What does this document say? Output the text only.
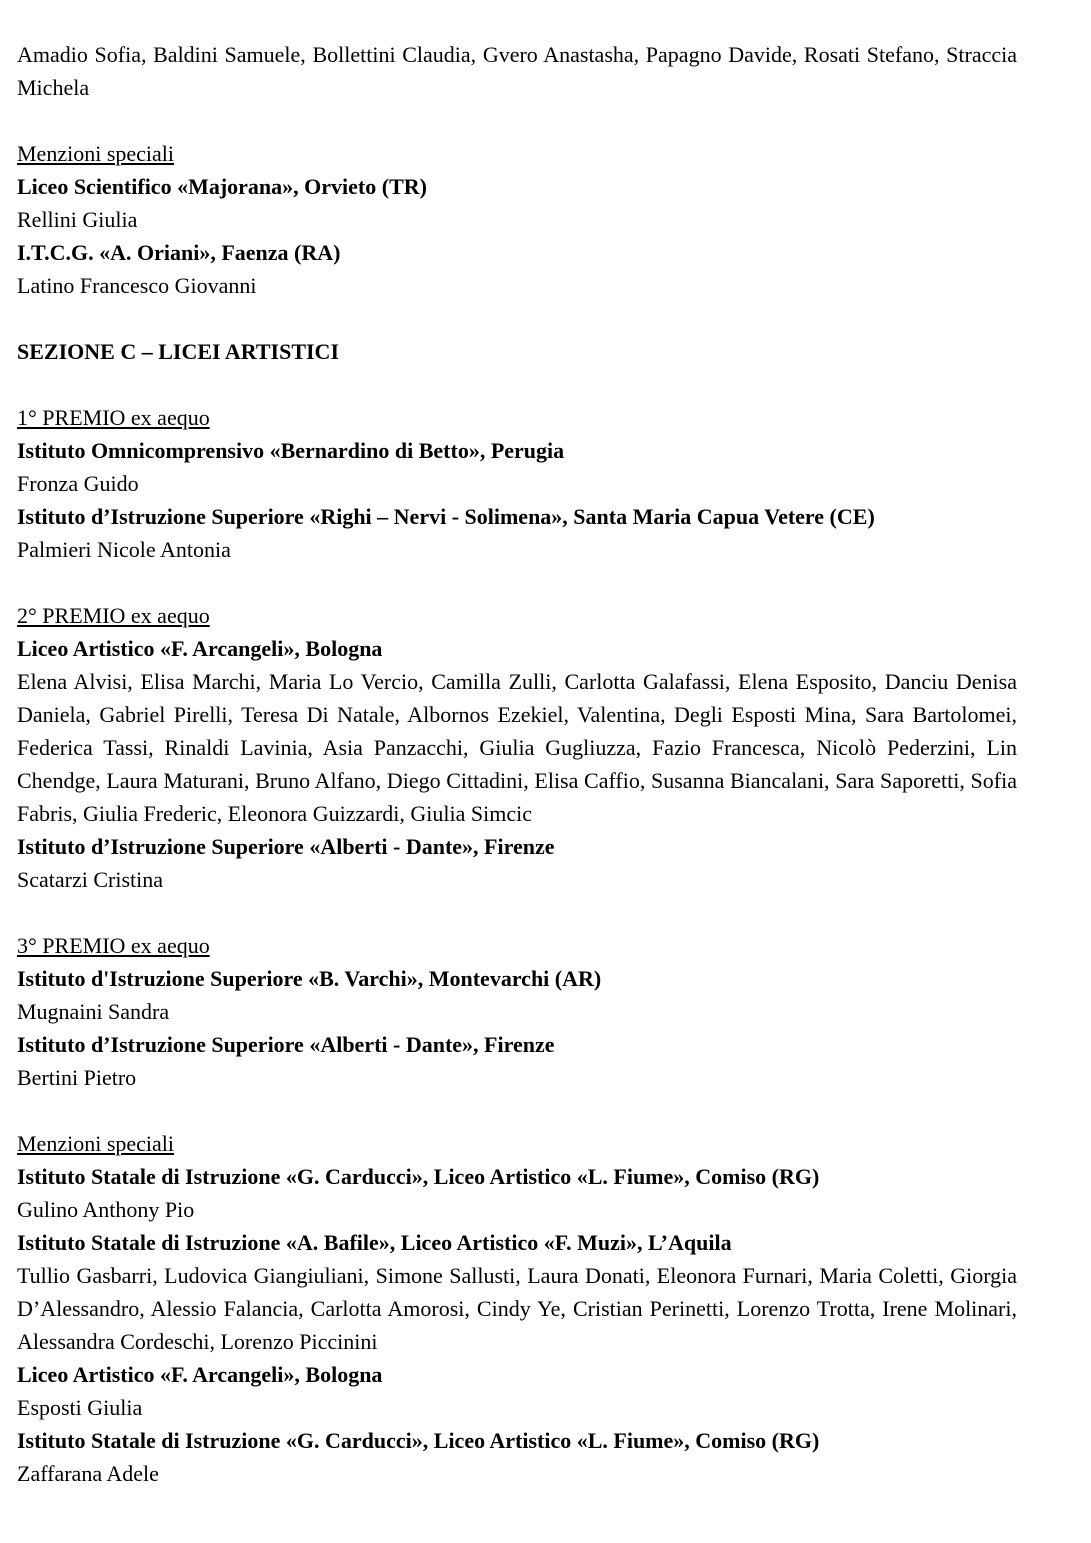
Amadio Sofia, Baldini Samuele, Bollettini Claudia, Gvero Anastasha, Papagno Davide, Rosati Stefano, Straccia Michela

Menzioni speciali

Liceo Scientifico «Majorana», Orvieto (TR)

Rellini Giulia

I.T.C.G. «A. Oriani», Faenza (RA)

Latino Francesco Giovanni

SEZIONE C – LICEI ARTISTICI

1° PREMIO ex aequo

Istituto Omnicomprensivo «Bernardino di Betto», Perugia

Fronza Guido

Istituto d’Istruzione Superiore «Righi – Nervi - Solimena», Santa Maria Capua Vetere (CE)

Palmieri Nicole Antonia

2° PREMIO ex aequo

Liceo Artistico «F. Arcangeli», Bologna

Elena Alvisi, Elisa Marchi, Maria Lo Vercio, Camilla Zulli, Carlotta Galafassi, Elena Esposito, Danciu Denisa Daniela, Gabriel Pirelli, Teresa Di Natale, Albornos Ezekiel, Valentina, Degli Esposti Mina, Sara Bartolomei, Federica Tassi, Rinaldi Lavinia, Asia Panzacchi, Giulia Gugliuzza, Fazio Francesca, Nicolò Pederzini, Lin Chendge, Laura Maturani, Bruno Alfano, Diego Cittadini, Elisa Caffio, Susanna Biancalani, Sara Saporetti, Sofia Fabris, Giulia Frederic, Eleonora Guizzardi, Giulia Simcic

Istituto d’Istruzione Superiore «Alberti - Dante», Firenze

Scatarzi Cristina

3° PREMIO ex aequo

Istituto d'Istruzione Superiore «B. Varchi», Montevarchi (AR)

Mugnaini Sandra

Istituto d’Istruzione Superiore «Alberti - Dante», Firenze

Bertini Pietro

Menzioni speciali

Istituto Statale di Istruzione «G. Carducci», Liceo Artistico «L. Fiume», Comiso (RG)

Gulino Anthony Pio

Istituto Statale di Istruzione «A. Bafile», Liceo Artistico «F. Muzi», L’Aquila

Tullio Gasbarri, Ludovica Giangiuliani, Simone Sallusti, Laura Donati, Eleonora Furnari, Maria Coletti, Giorgia D’Alessandro, Alessio Falancia, Carlotta Amorosi, Cindy Ye, Cristian Perinetti, Lorenzo Trotta, Irene Molinari, Alessandra Cordeschi, Lorenzo Piccinini

Liceo Artistico «F. Arcangeli», Bologna

Esposti Giulia

Istituto Statale di Istruzione «G. Carducci», Liceo Artistico «L. Fiume», Comiso (RG)

Zaffarana Adele
